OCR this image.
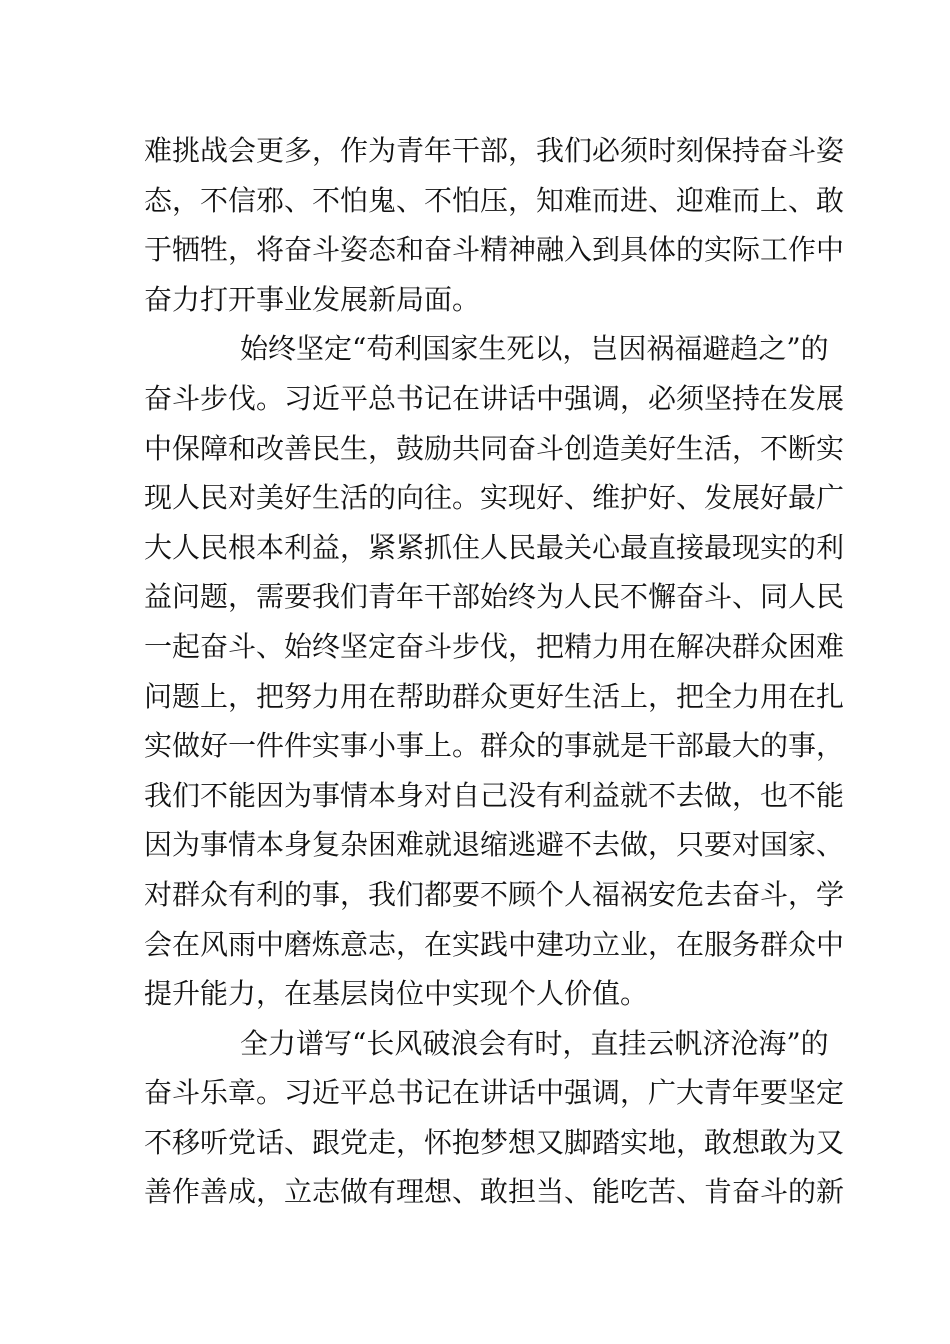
难挑战会更多，作为青年干部，我们必须时刻保持奋斗姿
态，不信邪、不怕鬼、不怕压，知难而进、迎难而上、敢
于牺牲，将奋斗姿态和奋斗精神融入到具体的实际工作中
奋力打开事业发展新局面。
始终坚定“苟利国家生死以，岂因祸福避趋之”的
奋斗步伐。习近平总书记在讲话中强调，必须坚持在发展
中保障和改善民生，鼓励共同奋斗创造美好生活，不断实
现人民对美好生活的向往。实现好、维护好、发展好最广
大人民根本利益，紧紧抓住人民最关心最直接最现实的利
益问题，需要我们青年干部始终为人民不懈奋斗、同人民
一起奋斗、始终坚定奋斗步伐，把精力用在解决群众困难
问题上，把努力用在帮助群众更好生活上，把全力用在扎
实做好一件件实事小事上。群众的事就是干部最大的事，
我们不能因为事情本身对自己没有利益就不去做，也不能
因为事情本身复杂困难就退缩逃避不去做，只要对国家、
对群众有利的事，我们都要不顾个人福祸安危去奋斗，学
会在风雨中磨炼意志，在实践中建功立业，在服务群众中
提升能力，在基层岗位中实现个人价值。
全力谱写“长风破浪会有时，直挂云帆济沧海”的
奋斗乐章。习近平总书记在讲话中强调，广大青年要坚定
不移听党话、跟党走，怀抱梦想又脚踏实地，敢想敢为又
善作善成，立志做有理想、敢担当、能吃苦、肯奋斗的新
